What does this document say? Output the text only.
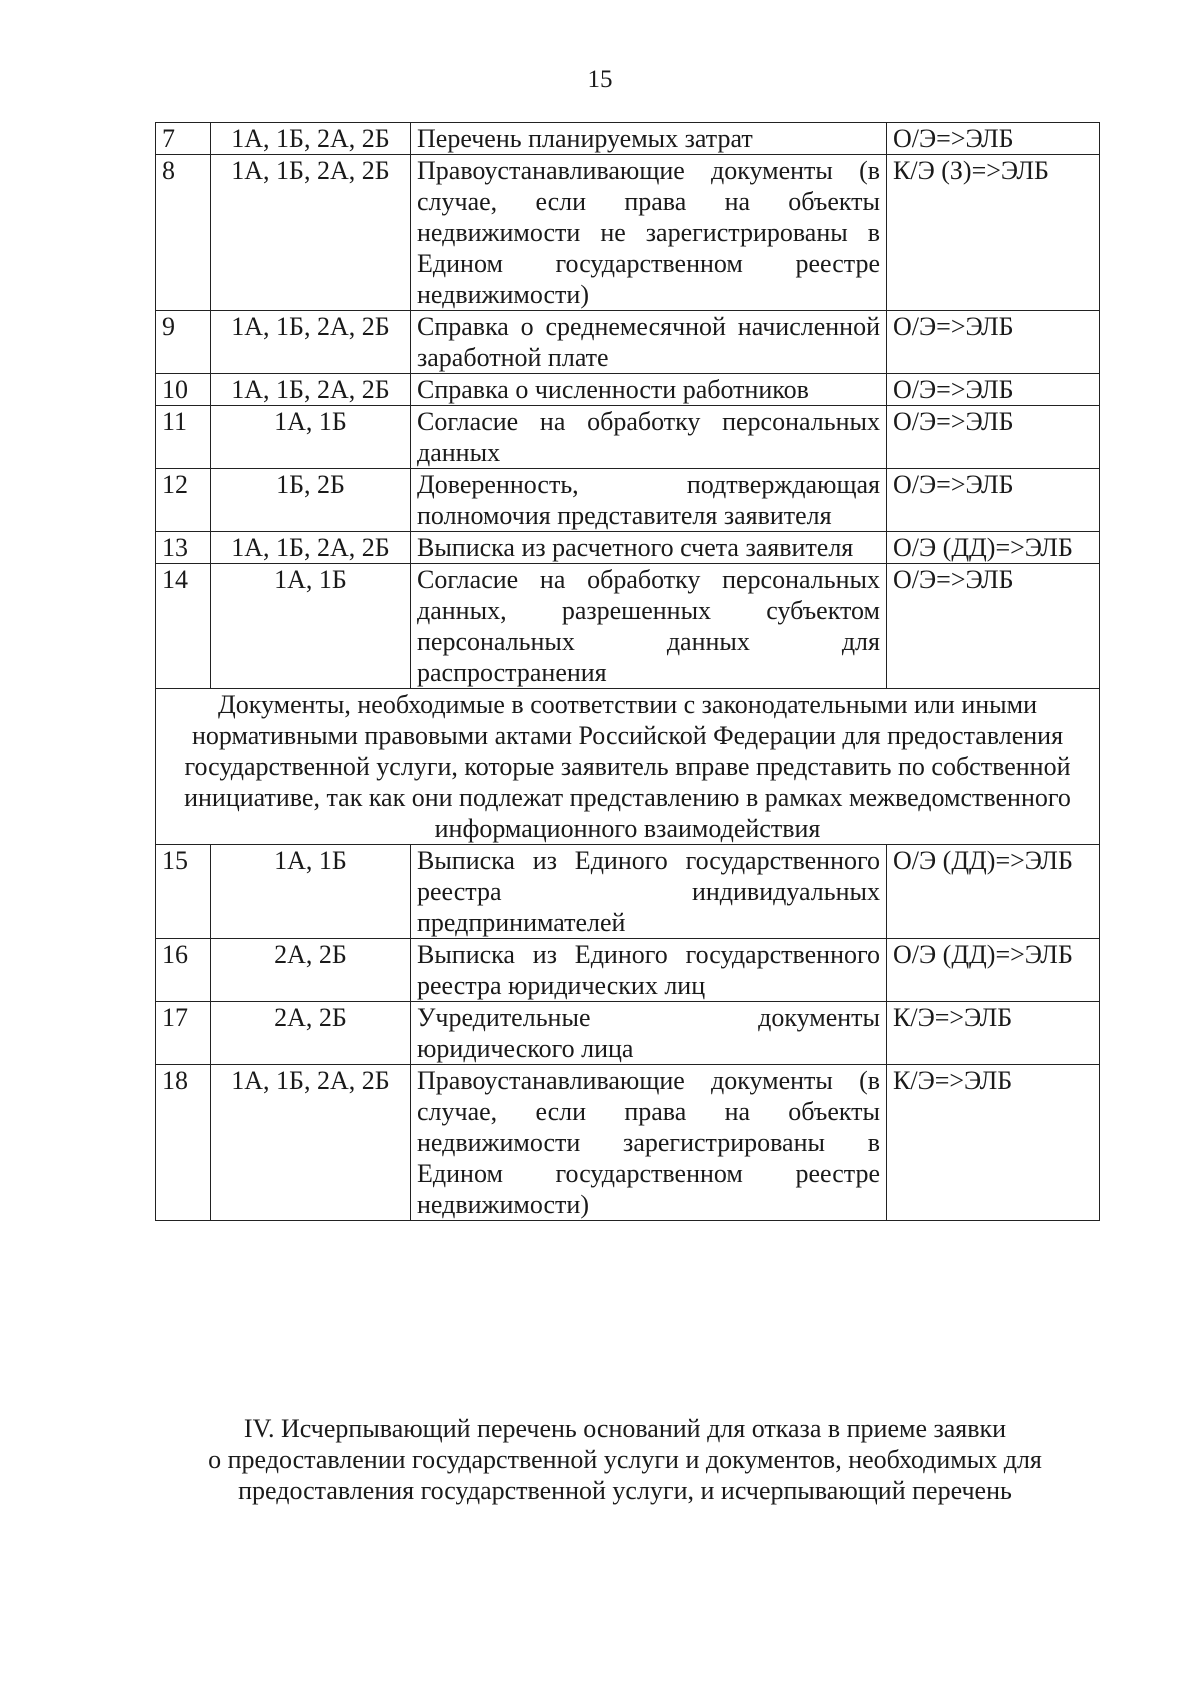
15
7	1А, 1Б, 2А, 2Б	Перечень планируемых затрат	О/Э=>ЭЛБ
8	1А, 1Б, 2А, 2Б	Правоустанавливающие документы (в случае, если права на объекты недвижимости не зарегистрированы в Едином государственном реестре недвижимости)	К/Э (З)=>ЭЛБ
9	1А, 1Б, 2А, 2Б	Справка о среднемесячной начисленной заработной плате	О/Э=>ЭЛБ
10	1А, 1Б, 2А, 2Б	Справка о численности работников	О/Э=>ЭЛБ
11	1А, 1Б	Согласие на обработку персональных данных	О/Э=>ЭЛБ
12	1Б, 2Б	Доверенность, подтверждающая полномочия представителя заявителя	О/Э=>ЭЛБ
13	1А, 1Б, 2А, 2Б	Выписка из расчетного счета заявителя	О/Э (ДД)=>ЭЛБ
14	1А, 1Б	Согласие на обработку персональных данных, разрешенных субъектом персональных данных для распространения	О/Э=>ЭЛБ
Документы, необходимые в соответствии с законодательными или иными нормативными правовыми актами Российской Федерации для предоставления государственной услуги, которые заявитель вправе представить по собственной инициативе, так как они подлежат представлению в рамках межведомственного информационного взаимодействия			
15	1А, 1Б	Выписка из Единого государственного реестра индивидуальных предпринимателей	О/Э (ДД)=>ЭЛБ
16	2А, 2Б	Выписка из Единого государственного реестра юридических лиц	О/Э (ДД)=>ЭЛБ
17	2А, 2Б	Учредительные документы юридического лица	К/Э=>ЭЛБ
18	1А, 1Б, 2А, 2Б	Правоустанавливающие документы (в случае, если права на объекты недвижимости зарегистрированы в Едином государственном реестре недвижимости)	К/Э=>ЭЛБ
IV. Исчерпывающий перечень оснований для отказа в приеме заявки
о предоставлении государственной услуги и документов, необходимых для
предоставления государственной услуги, и исчерпывающий перечень
